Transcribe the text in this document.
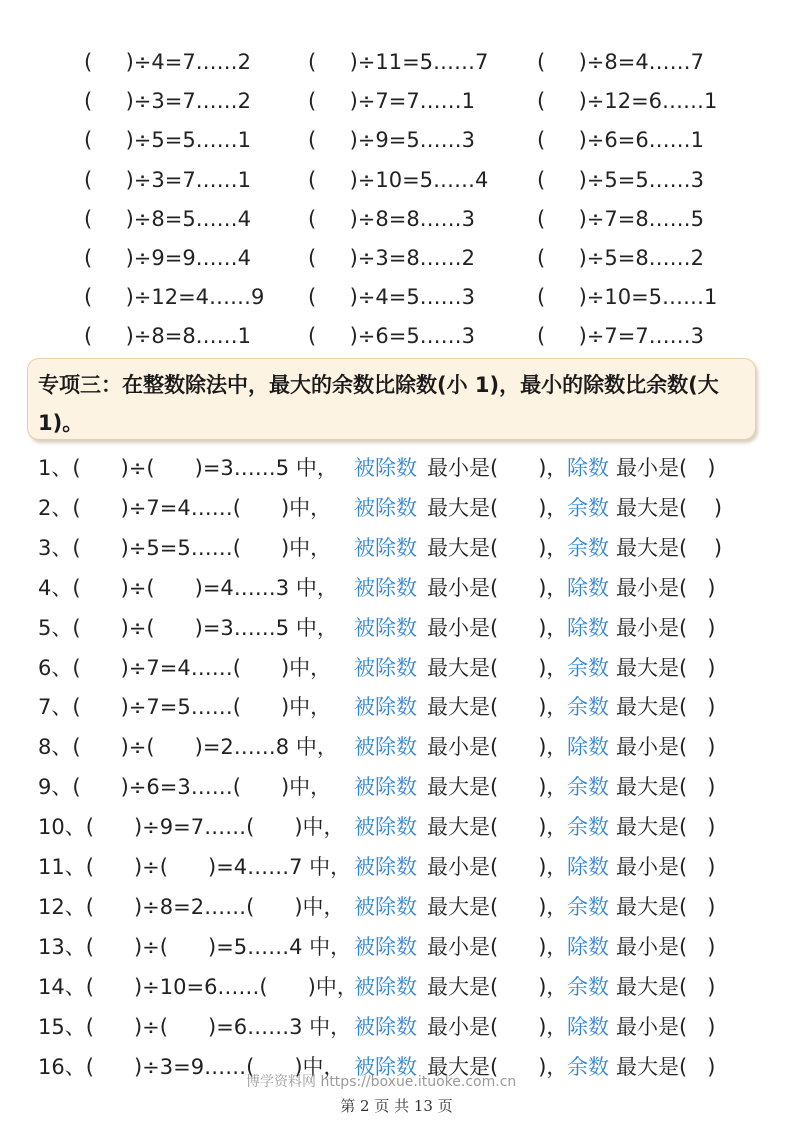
(     )÷4=7……2	(     )÷11=5……7 (     )÷8=4……7
(     )÷3=7……2	(     )÷7=7……1	(     )÷12=6……1
(     )÷5=5……1	(     )÷9=5……3	(     )÷6=6……1
(     )÷3=7……1	(     )÷10=5……4 (     )÷5=5……3
(     )÷8=5……4	(     )÷8=8……3	(     )÷7=8……5
(     )÷9=9……4	(     )÷3=8……2	(     )÷5=8……2
(     )÷12=4……9 (     )÷4=5……3	(     )÷10=5……1
(     )÷8=8……1	(     )÷6=5……3	(     )÷7=7……3
专项三：在整数除法中，最大的余数比除数(小 1)，最小的除数比余数(大 1)。
1、(      )÷(      )=3……5 中， 被除数 最小是(      )， 除数 最小是(   )
2、(      )÷7=4……(      )中， 被除数 最大是(      )， 余数 最大是(    )
3、(      )÷5=5……(      )中， 被除数 最大是(      )， 余数 最大是(    )
4、(      )÷(      )=4……3 中， 被除数 最小是(      )， 除数 最小是(   )
5、(      )÷(      )=3……5 中， 被除数 最小是(      )， 除数 最小是(   )
6、(      )÷7=4……(      )中， 被除数 最大是(      )， 余数 最大是(   )
7、(      )÷7=5……(      )中， 被除数 最大是(      )， 余数 最大是(   )
8、(      )÷(      )=2……8 中， 被除数 最小是(      )， 除数 最小是(   )
9、(      )÷6=3……(      )中， 被除数 最大是(      )， 余数 最大是(   )
10、(      )÷9=7……(      )中， 被除数 最大是(      )， 余数 最大是(   )
11、(      )÷(      )=4……7 中， 被除数 最小是(      )， 除数 最小是(   )
12、(      )÷8=2……(      )中， 被除数 最大是(      )， 余数 最大是(   )
13、(      )÷(      )=5……4 中， 被除数 最小是(      )， 除数 最小是(   )
14、(      )÷10=6……(      )中，
被除数 最大是(      )， 余数 最大是(   )
15、(      )÷(      )=6……3 中， 被除数 最小是(      )， 除数 最小是(   )
16、(      )÷3=9……(      )中， 被除数 最大是(      )， 余数 最大是(   )
博学资料网 https://boxue.ituoke.com.cn
第 2 页 共 13 页
